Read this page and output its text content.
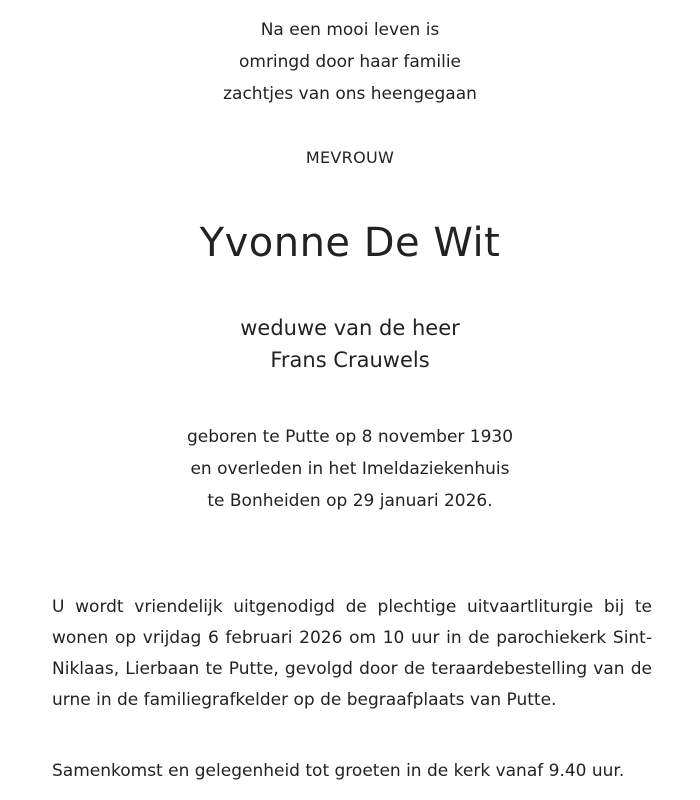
Na een mooi leven is
omringd door haar familie
zachtjes van ons heengegaan
MEVROUW
Yvonne De Wit
weduwe van de heer
Frans Crauwels
geboren te Putte op 8 november 1930
en overleden in het Imeldaziekenhuis
te Bonheiden op 29 januari 2026.

U wordt vriendelijk uitgenodigd de plechtige uitvaartliturgie bij te wonen op vrijdag 6 februari 2026 om 10 uur in de parochiekerk Sint-Niklaas, Lierbaan te Putte, gevolgd door de teraardebestelling van de urne in de familiegrafkelder op de begraafplaats van Putte.

Samenkomst en gelegenheid tot groeten in de kerk vanaf 9.40 uur.
